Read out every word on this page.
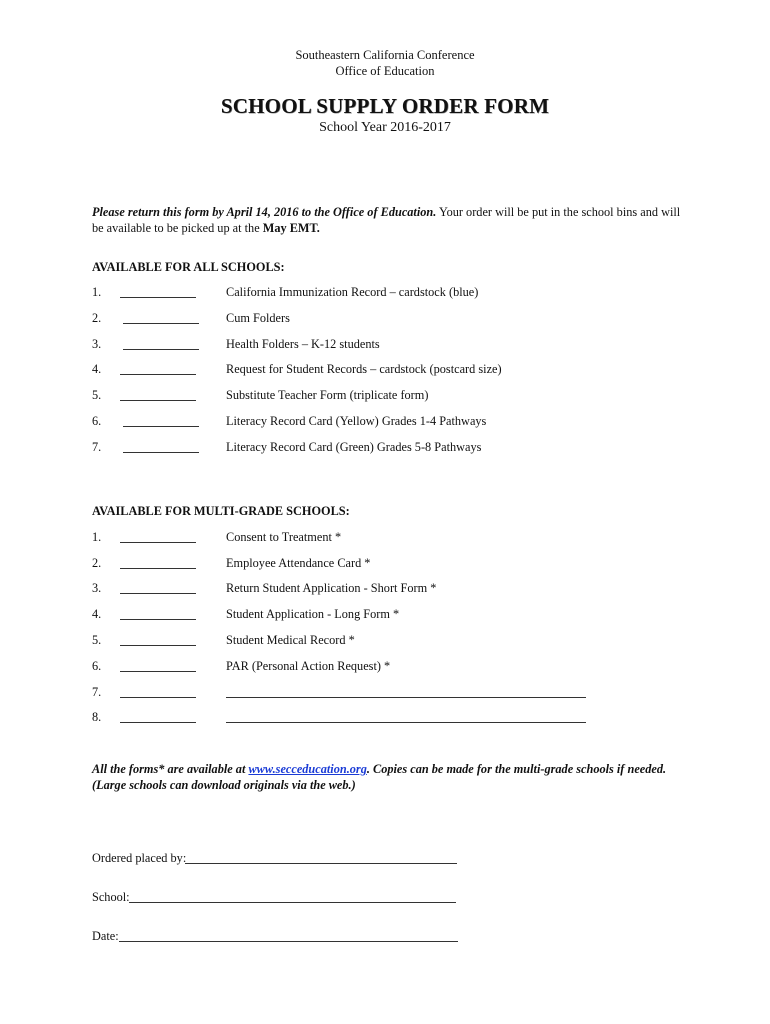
Southeastern California Conference
Office of Education
SCHOOL SUPPLY ORDER FORM
School Year 2016-2017
Please return this form by April 14, 2016 to the Office of Education. Your order will be put in the school bins and will be available to be picked up at the May EMT.
AVAILABLE FOR ALL SCHOOLS:
1.	California Immunization Record – cardstock (blue)
2.	Cum Folders
3.	Health Folders – K-12 students
4.	Request for Student Records – cardstock (postcard size)
5.	Substitute Teacher Form (triplicate form)
6.	Literacy Record Card (Yellow) Grades 1-4 Pathways
7.	Literacy Record Card (Green) Grades 5-8 Pathways
AVAILABLE FOR MULTI-GRADE SCHOOLS:
1.	Consent to Treatment *
2.	Employee Attendance Card *
3.	Return Student Application - Short Form *
4.	Student Application - Long Form *
5.	Student Medical Record *
6.	PAR (Personal Action Request) *
7.
8.
All the forms* are available at www.secceducation.org. Copies can be made for the multi-grade schools if needed.
(Large schools can download originals via the web.)
Ordered placed by:
School:
Date:
